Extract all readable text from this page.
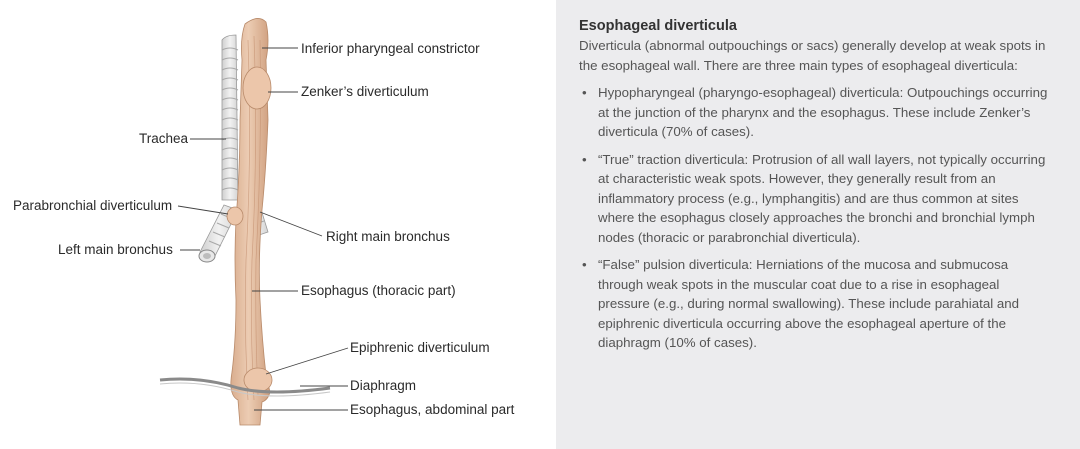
Inferior pharyngeal constrictor
Zenker’s diverticulum
Trachea
Parabronchial diverticulum
Right main bronchus
Left main bronchus
Esophagus (thoracic part)
Epiphrenic diverticulum
Diaphragm
Esophagus, abdominal part
Esophageal diverticula
Diverticula (abnormal outpouchings or sacs) generally develop at weak spots in the esophageal wall. There are three main types of esophageal diverticula:
• Hypopharyngeal (pharyngo-esophageal) diverticula: Outpouchings occurring at the junction of the pharynx and the esophagus. These include Zenker’s diverticula (70% of cases).
• “True” traction diverticula: Protrusion of all wall layers, not typically occurring at characteristic weak spots. However, they generally result from an inflammatory process (e.g., lymphangitis) and are thus common at sites where the esophagus closely approaches the bronchi and bronchial lymph nodes (thoracic or parabronchial diverticula).
• “False” pulsion diverticula: Herniations of the mucosa and submucosa through weak spots in the muscular coat due to a rise in esophageal pressure (e.g., during normal swallowing). These include parahiatal and epiphrenic diverticula occurring above the esophageal aperture of the diaphragm (10% of cases).
